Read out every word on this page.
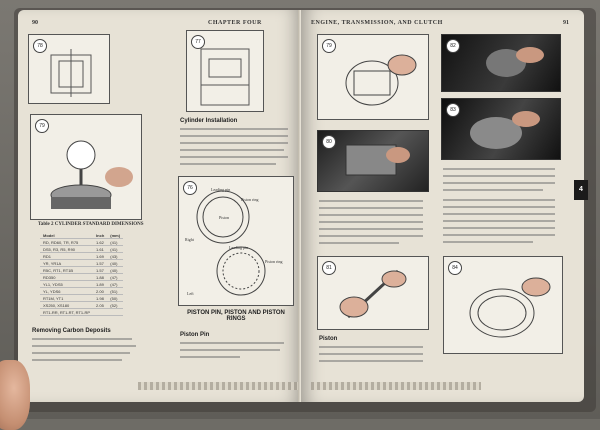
90	CHAPTER FOUR
78
77
79
Table 2 CYLINDER STANDARD DIMENSIONS
Model	Inch	(mm)
RD, RD60, TR, R75	1.62	(41)
DS5, R3, R5, R90	1.61	(41)
RD1	1.69	(43)
YR, YR1A	1.57	(40)
R5C, RT1, RT1B	1.57	(40)
RD350	1.88	(47)
YL1, YDS5	1.89	(47)
YL, YDS6	2.00	(51)
RT1M, YT1	1.98	(50)
XS250, XS180	2.05	(52)
RT1-RR, RT1-RT, RT1-RP		
Removing Carbon Deposits
Cylinder Installation
76	Leading pin
Piston ring
Right
Piston
Leading pin
Piston ring
Left
PISTON PIN, PISTON AND PISTON RINGS
Piston Pin
ENGINE, TRANSMISSION, AND CLUTCH	91
79
80
81
Piston
82
83
84
4
